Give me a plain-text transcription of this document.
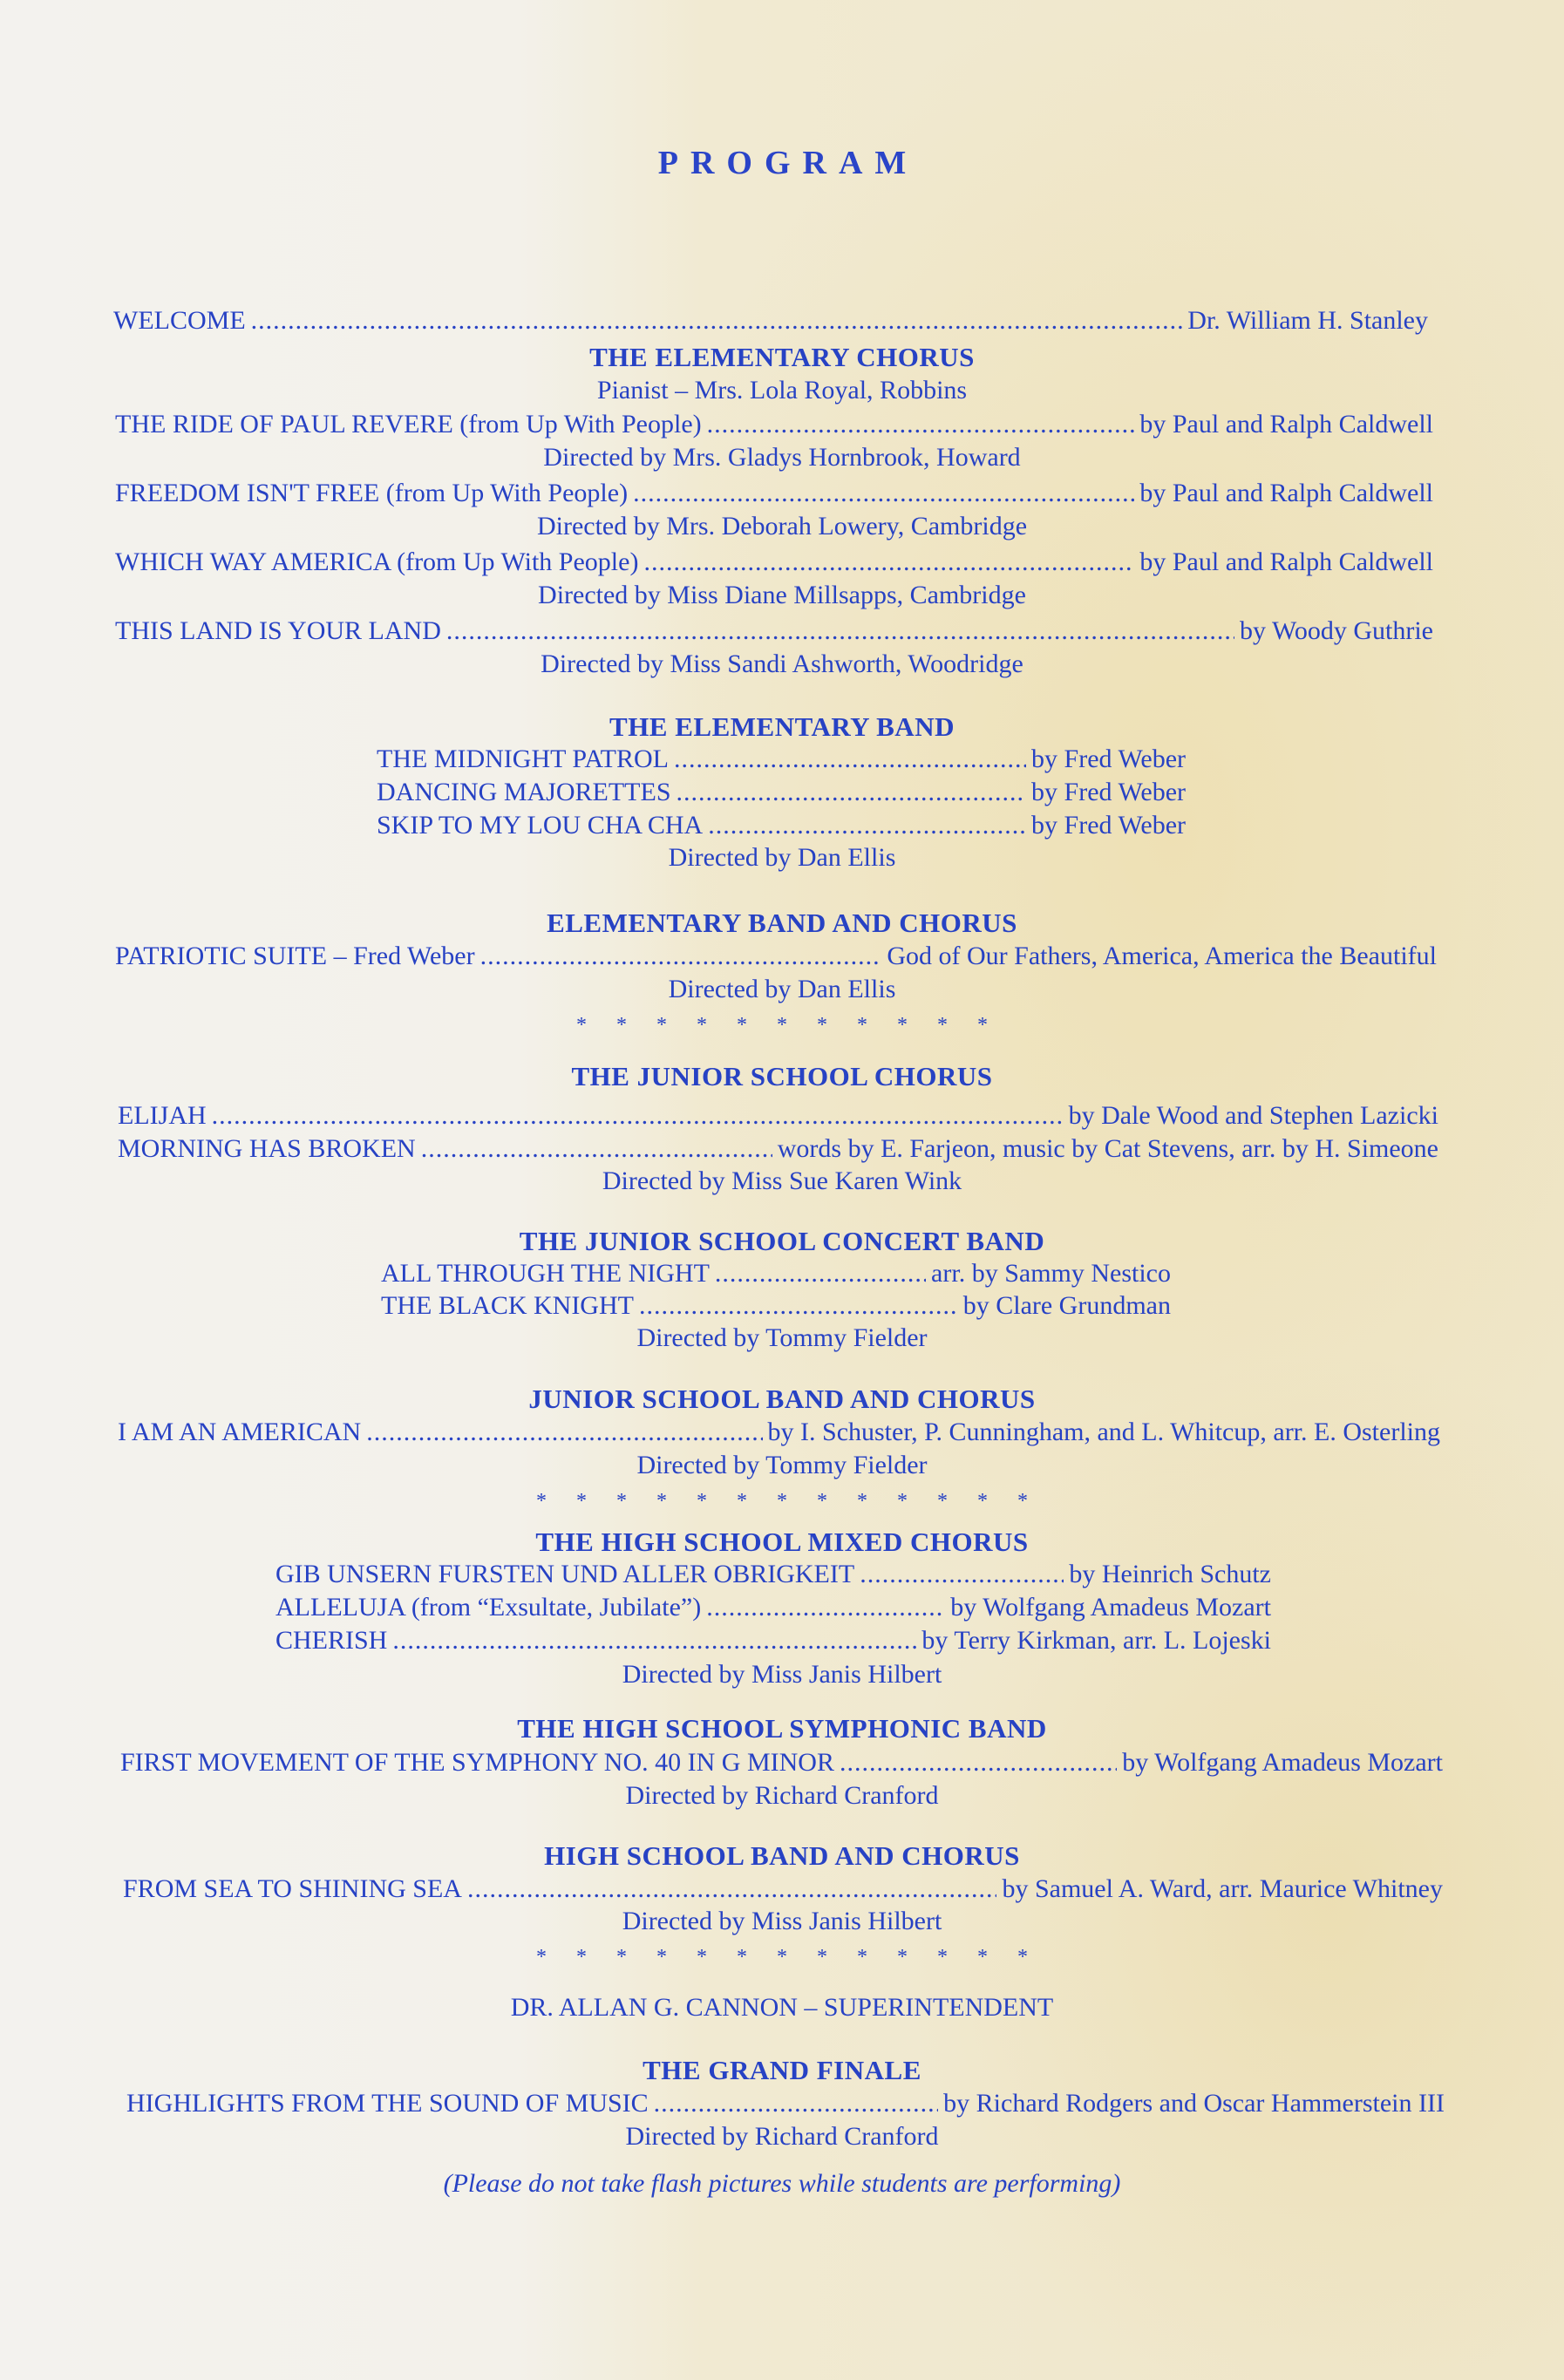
PROGRAM
WELCOME .....	Dr. William H. Stanley
THE ELEMENTARY CHORUS
Pianist – Mrs. Lola Royal, Robbins
THE RIDE OF PAUL REVERE (from Up With People) .....	by Paul and Ralph Caldwell
Directed by Mrs. Gladys Hornbrook, Howard
FREEDOM ISN'T FREE (from Up With People) .....	by Paul and Ralph Caldwell
Directed by Mrs. Deborah Lowery, Cambridge
WHICH WAY AMERICA (from Up With People) .....	by Paul and Ralph Caldwell
Directed by Miss Diane Millsapps, Cambridge
THIS LAND IS YOUR LAND .....	by Woody Guthrie
Directed by Miss Sandi Ashworth, Woodridge
THE ELEMENTARY BAND
THE MIDNIGHT PATROL .....	by Fred Weber
DANCING MAJORETTES .....	by Fred Weber
SKIP TO MY LOU CHA CHA .....	by Fred Weber
Directed by Dan Ellis
ELEMENTARY BAND AND CHORUS
PATRIOTIC SUITE – Fred Weber .....	God of Our Fathers, America, America the Beautiful
Directed by Dan Ellis
* * * * * * * * * * *
THE JUNIOR SCHOOL CHORUS
ELIJAH .....	by Dale Wood and Stephen Lazicki
MORNING HAS BROKEN .....	words by E. Farjeon, music by Cat Stevens, arr. by H. Simeone
Directed by Miss Sue Karen Wink
THE JUNIOR SCHOOL CONCERT BAND
ALL THROUGH THE NIGHT .....	arr. by Sammy Nestico
THE BLACK KNIGHT .....	by Clare Grundman
Directed by Tommy Fielder
JUNIOR SCHOOL BAND AND CHORUS
I AM AN AMERICAN .....	by I. Schuster, P. Cunningham, and L. Whitcup, arr. E. Osterling
Directed by Tommy Fielder
* * * * * * * * * * * * *
THE HIGH SCHOOL MIXED CHORUS
GIB UNSERN FURSTEN UND ALLER OBRIGKEIT .....	by Heinrich Schutz
ALLELUJA (from “Exsultate, Jubilate”) .....	by Wolfgang Amadeus Mozart
CHERISH .....	by Terry Kirkman, arr. L. Lojeski
Directed by Miss Janis Hilbert
THE HIGH SCHOOL SYMPHONIC BAND
FIRST MOVEMENT OF THE SYMPHONY NO. 40 IN G MINOR .....	by Wolfgang Amadeus Mozart
Directed by Richard Cranford
HIGH SCHOOL BAND AND CHORUS
FROM SEA TO SHINING SEA .....	by Samuel A. Ward, arr. Maurice Whitney
Directed by Miss Janis Hilbert
* * * * * * * * * * * * *
DR. ALLAN G. CANNON – SUPERINTENDENT
THE GRAND FINALE
HIGHLIGHTS FROM THE SOUND OF MUSIC .....	by Richard Rodgers and Oscar Hammerstein III
Directed by Richard Cranford
(Please do not take flash pictures while students are performing)
